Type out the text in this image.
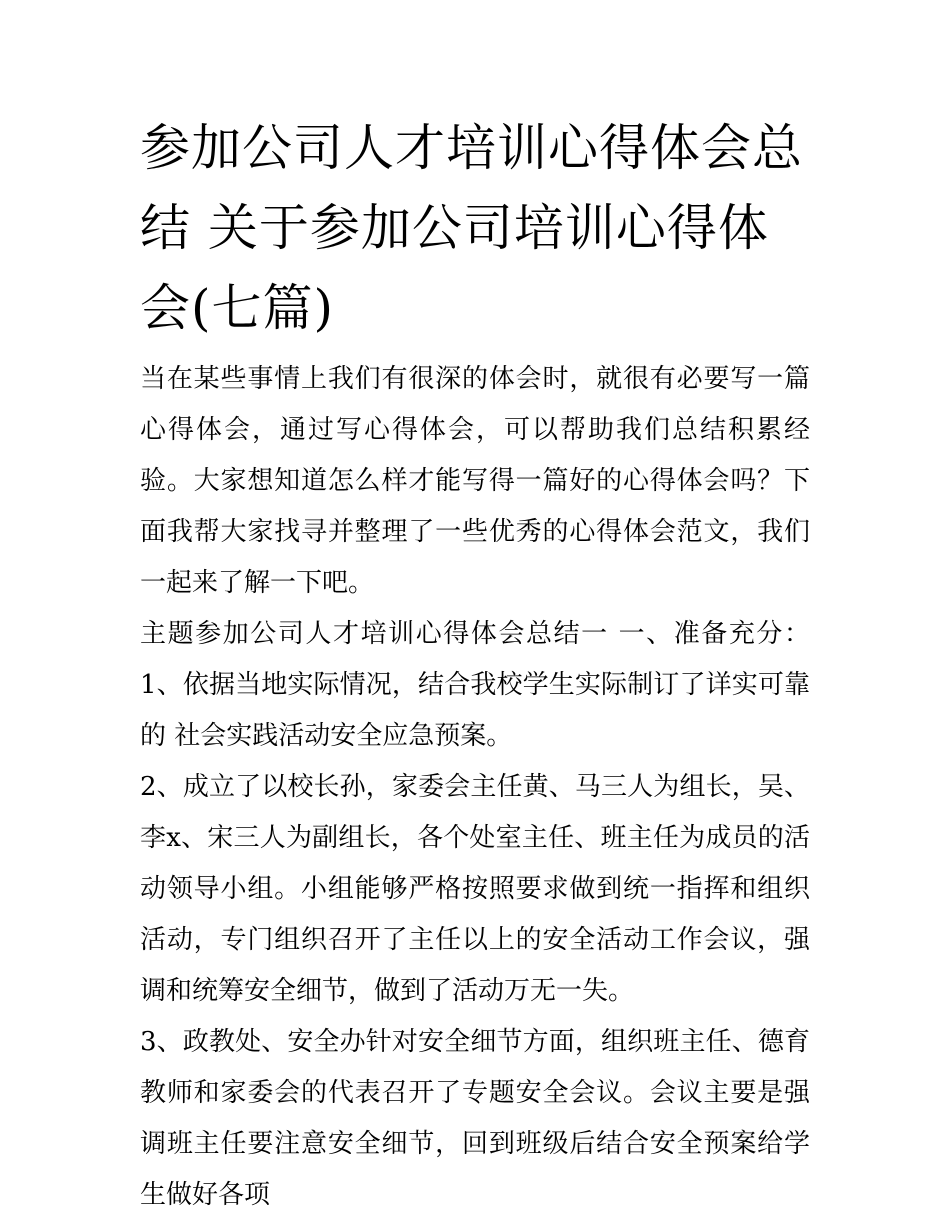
参加公司人才培训心得体会总结 关于参加公司培训心得体会(七篇)

当在某些事情上我们有很深的体会时，就很有必要写一篇心得体会，通过写心得体会，可以帮助我们总结积累经验。大家想知道怎么样才能写得一篇好的心得体会吗？下面我帮大家找寻并整理了一些优秀的心得体会范文，我们一起来了解一下吧。

主题参加公司人才培训心得体会总结一 一、准备充分： 1、依据当地实际情况，结合我校学生实际制订了详实可靠的 社会实践活动安全应急预案。

2、成立了以校长孙，家委会主任黄、马三人为组长，吴、李x、宋三人为副组长，各个处室主任、班主任为成员的活动领导小组。小组能够严格按照要求做到统一指挥和组织活动，专门组织召开了主任以上的安全活动工作会议，强调和统筹安全细节，做到了活动万无一失。

3、政教处、安全办针对安全细节方面，组织班主任、德育教师和家委会的代表召开了专题安全会议。会议主要是强调班主任要注意安全细节，回到班级后结合安全预案给学生做好各项
